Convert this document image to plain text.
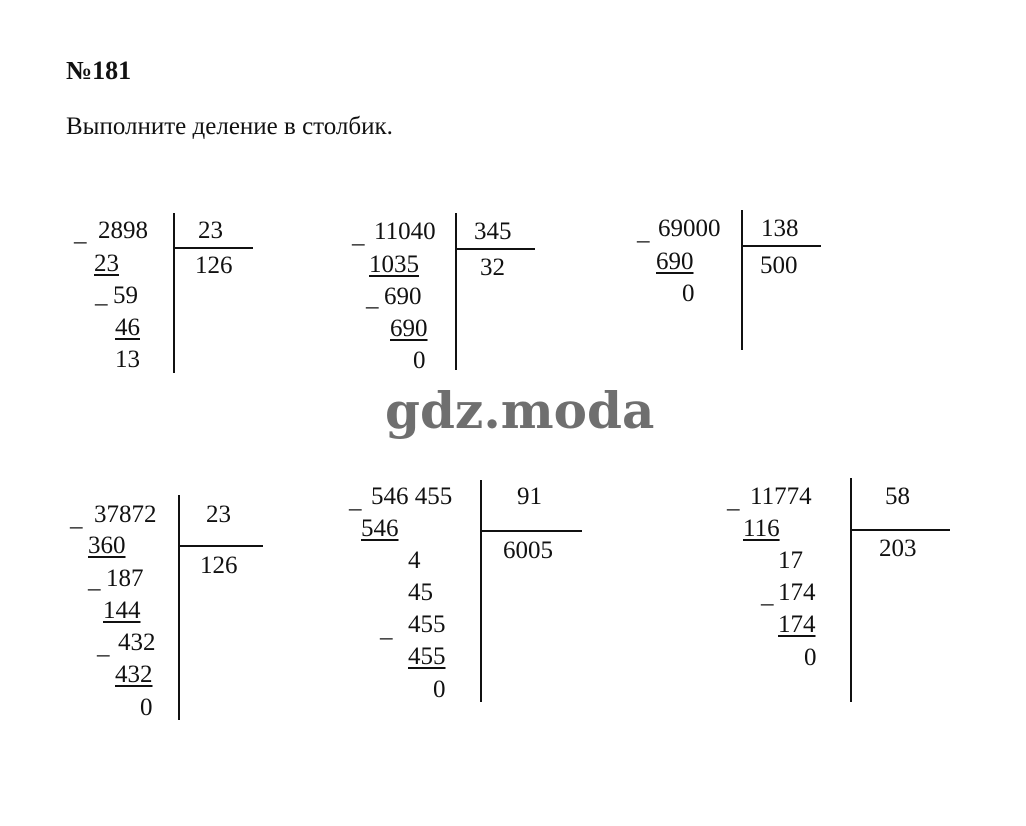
№181

Выполните деление в столбик.

_ 2898 23
126
23
_ 59
46
13
_ 11040 345
32
1035
_ 690
690
0
_ 69000 138
500
690
0
gdz.moda
_ 37872 23
126
360
_ 187
144
_ 432
432
0
_ 546 455	91
6005
546
4
45
_ 455
455
0
_ 11774	58
203
116
17
_ 174
174
0
